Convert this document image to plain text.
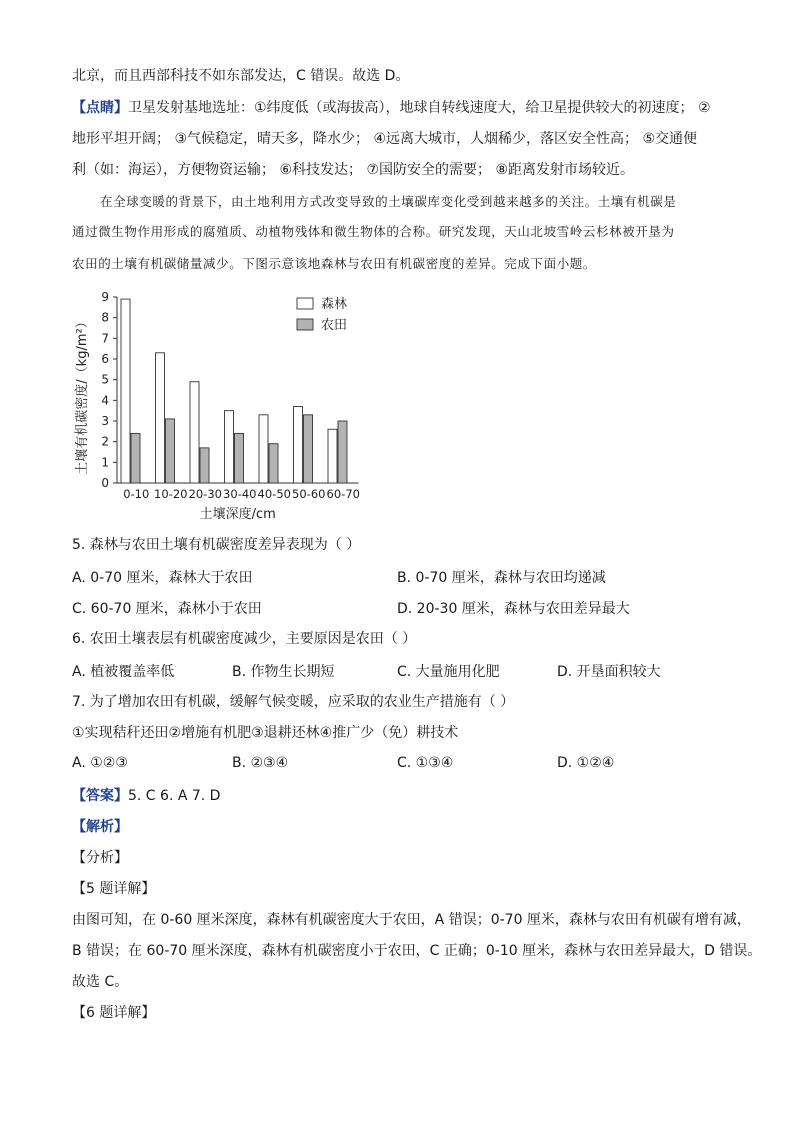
北京，而且西部科技不如东部发达，C 错误。故选 D。
【点睛】卫星发射基地选址：①纬度低（或海拔高），地球自转线速度大，给卫星提供较大的初速度； ②
地形平坦开阔； ③气候稳定，晴天多，降水少； ④远离大城市，人烟稀少，落区安全性高； ⑤交通便
利（如：海运），方便物资运输； ⑥科技发达； ⑦国防安全的需要； ⑧距离发射市场较近。
在全球变暖的背景下，由土地利用方式改变导致的土壤碳库变化受到越来越多的关注。土壤有机碳是
通过微生物作用形成的腐殖质、动植物残体和微生物体的合称。研究发现，天山北坡雪岭云杉林被开垦为
农田的土壤有机碳储量减少。下图示意该地森林与农田有机碳密度的差异。完成下面小题。
0
1
2
3
4
5
6
7
8
9
0-10 10-20 20-30 30-40 40-50 50-60 60-70
森林
农田
土壤有机碳密度/（kg/m²）
土壤深度/cm
5. 森林与农田土壤有机碳密度差异表现为（ ）
A. 0-70 厘米，森林大于农田	B. 0-70 厘米，森林与农田均递减
C. 60-70 厘米，森林小于农田	D. 20-30 厘米，森林与农田差异最大
6. 农田土壤表层有机碳密度减少，主要原因是农田（ ）
A. 植被覆盖率低	B. 作物生长期短	C. 大量施用化肥	D. 开垦面积较大
7. 为了增加农田有机碳，缓解气候变暖，应采取的农业生产措施有（ ）
①实现秸秆还田②增施有机肥③退耕还林④推广少（免）耕技术
A. ①②③	B. ②③④	C. ①③④	D. ①②④
【答案】5. C 6. A 7. D
【解析】
【分析】
【5 题详解】
由图可知，在 0-60 厘米深度，森林有机碳密度大于农田，A 错误；0-70 厘米，森林与农田有机碳有增有减，
B 错误；在 60-70 厘米深度，森林有机碳密度小于农田，C 正确；0-10 厘米，森林与农田差异最大，D 错误。
故选 C。
【6 题详解】
